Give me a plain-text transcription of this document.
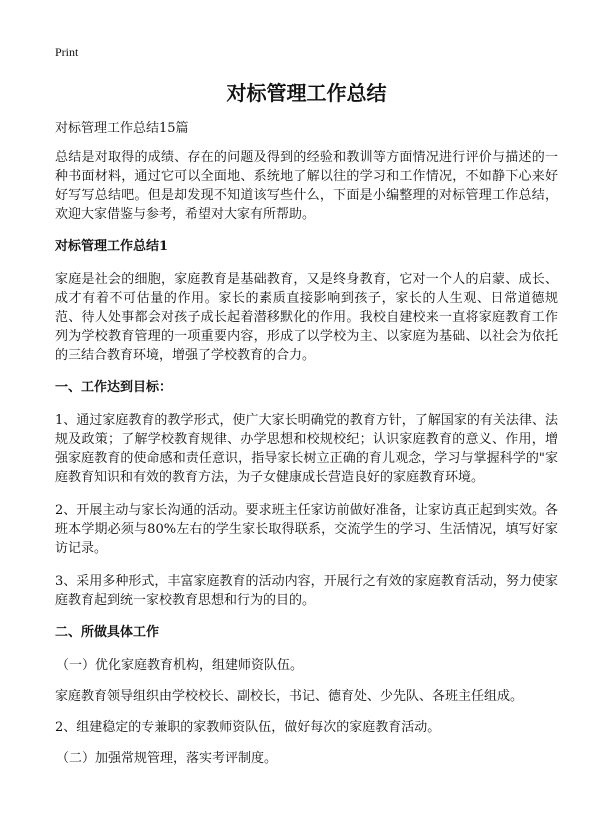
Print
对标管理工作总结

对标管理工作总结15篇

总结是对取得的成绩、存在的问题及得到的经验和教训等方面情况进行评价与描述的一种书面材料，通过它可以全面地、系统地了解以往的学习和工作情况，不如静下心来好好写写总结吧。但是却发现不知道该写些什么，下面是小编整理的对标管理工作总结，欢迎大家借鉴与参考，希望对大家有所帮助。

对标管理工作总结1

家庭是社会的细胞，家庭教育是基础教育，又是终身教育，它对一个人的启蒙、成长、成才有着不可估量的作用。家长的素质直接影响到孩子，家长的人生观、日常道德规范、待人处事都会对孩子成长起着潜移默化的作用。我校自建校来一直将家庭教育工作列为学校教育管理的一项重要内容，形成了以学校为主、以家庭为基础、以社会为依托的三结合教育环境，增强了学校教育的合力。

一、工作达到目标：

1、通过家庭教育的教学形式，使广大家长明确党的教育方针，了解国家的有关法律、法规及政策；了解学校教育规律、办学思想和校规校纪；认识家庭教育的意义、作用，增强家庭教育的使命感和责任意识，指导家长树立正确的育儿观念，学习与掌握科学的"家庭教育知识和有效的教育方法，为子女健康成长营造良好的家庭教育环境。

2、开展主动与家长沟通的活动。要求班主任家访前做好准备，让家访真正起到实效。各班本学期必须与80%左右的学生家长取得联系，交流学生的学习、生活情况，填写好家访记录。

3、采用多种形式，丰富家庭教育的活动内容，开展行之有效的家庭教育活动，努力使家庭教育起到统一家校教育思想和行为的目的。

二、所做具体工作

（一）优化家庭教育机构，组建师资队伍。

家庭教育领导组织由学校校长、副校长，书记、德育处、少先队、各班主任组成。

2、组建稳定的专兼职的家教师资队伍，做好每次的家庭教育活动。

（二）加强常规管理，落实考评制度。
